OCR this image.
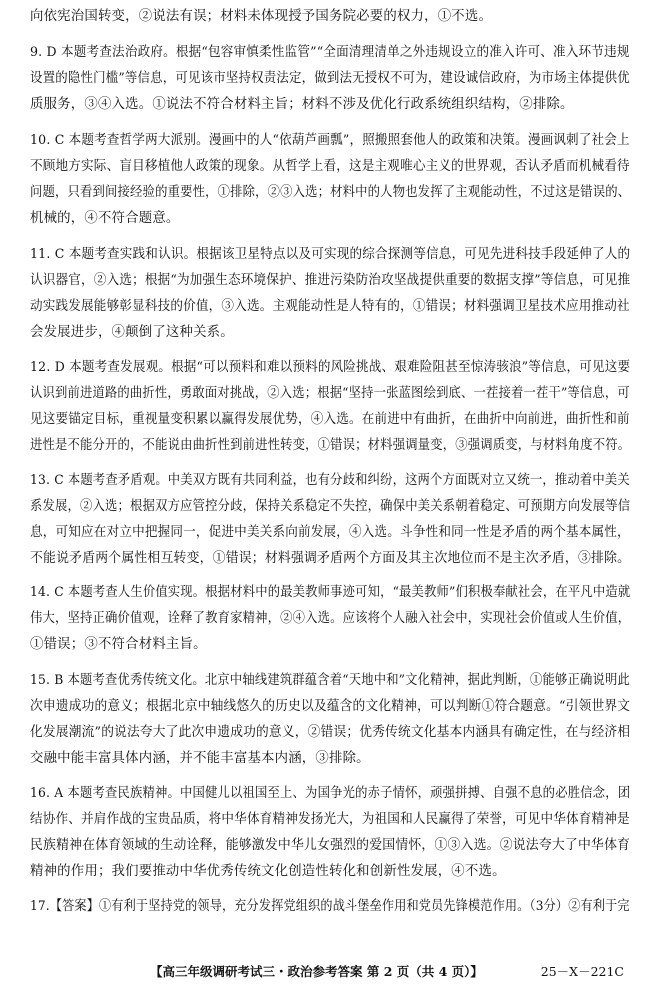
向依宪治国转变，②说法有误；材料未体现授予国务院必要的权力，①不选。
9. D 本题考查法治政府。根据“包容审慎柔性监管”“全面清理清单之外违规设立的准入许可、准入环节违规
设置的隐性门槛”等信息，可见该市坚持权责法定，做到法无授权不可为，建设诚信政府，为市场主体提供优
质服务，③④入选。①说法不符合材料主旨；材料不涉及优化行政系统组织结构，②排除。
10. C 本题考查哲学两大派别。漫画中的人“依葫芦画瓢”，照搬照套他人的政策和决策。漫画讽刺了社会上
不顾地方实际、盲目移植他人政策的现象。从哲学上看，这是主观唯心主义的世界观，否认矛盾而机械看待
问题，只看到间接经验的重要性，①排除，②③入选；材料中的人物也发挥了主观能动性，不过这是错误的、
机械的，④不符合题意。
11. C 本题考查实践和认识。根据该卫星特点以及可实现的综合探测等信息，可见先进科技手段延伸了人的
认识器官，②入选；根据“为加强生态环境保护、推进污染防治攻坚战提供重要的数据支撑”等信息，可见推
动实践发展能够彰显科技的价值，③入选。主观能动性是人特有的，①错误；材料强调卫星技术应用推动社
会发展进步，④颠倒了这种关系。
12. D 本题考查发展观。根据“可以预料和难以预料的风险挑战、艰难险阻甚至惊涛骇浪”等信息，可见这要
认识到前进道路的曲折性，勇敢面对挑战，②入选；根据“坚持一张蓝图绘到底、一茬接着一茬干”等信息，可
见这要锚定目标，重视量变积累以赢得发展优势，④入选。在前进中有曲折，在曲折中向前进，曲折性和前
进性是不能分开的，不能说由曲折性到前进性转变，①错误；材料强调量变，③强调质变，与材料角度不符。
13. C 本题考查矛盾观。中美双方既有共同利益，也有分歧和纠纷，这两个方面既对立又统一，推动着中美关
系发展，②入选；根据双方应管控分歧，保持关系稳定不失控，确保中美关系朝着稳定、可预期方向发展等信
息，可知应在对立中把握同一，促进中美关系向前发展，④入选。斗争性和同一性是矛盾的两个基本属性，
不能说矛盾两个属性相互转变，①错误；材料强调矛盾两个方面及其主次地位而不是主次矛盾，③排除。
14. C 本题考查人生价值实现。根据材料中的最美教师事迹可知，“最美教师”们积极奉献社会，在平凡中造就
伟大，坚持正确价值观，诠释了教育家精神，②④入选。应该将个人融入社会中，实现社会价值或人生价值，
①错误；③不符合材料主旨。
15. B 本题考查优秀传统文化。北京中轴线建筑群蕴含着“天地中和”文化精神，据此判断，①能够正确说明此
次申遗成功的意义；根据北京中轴线悠久的历史以及蕴含的文化精神，可以判断①符合题意。“引领世界文
化发展潮流”的说法夸大了此次申遗成功的意义，②错误；优秀传统文化基本内涵具有确定性，在与经济相
交融中能丰富具体内涵，并不能丰富基本内涵，③排除。
16. A 本题考查民族精神。中国健儿以祖国至上、为国争光的赤子情怀，顽强拼搏、自强不息的必胜信念，团
结协作、并肩作战的宝贵品质，将中华体育精神发扬光大，为祖国和人民赢得了荣誉，可见中华体育精神是
民族精神在体育领域的生动诠释，能够激发中华儿女强烈的爱国情怀，①③入选。②说法夸大了中华体育
精神的作用；我们要推动中华优秀传统文化创造性转化和创新性发展，④不选。
17.【答案】①有利于坚持党的领导，充分发挥党组织的战斗堡垒作用和党员先锋模范作用。（3分）②有利于完
【高三年级调研考试三・政治参考答案 第 2 页（共 4 页）】	25－X－221C
